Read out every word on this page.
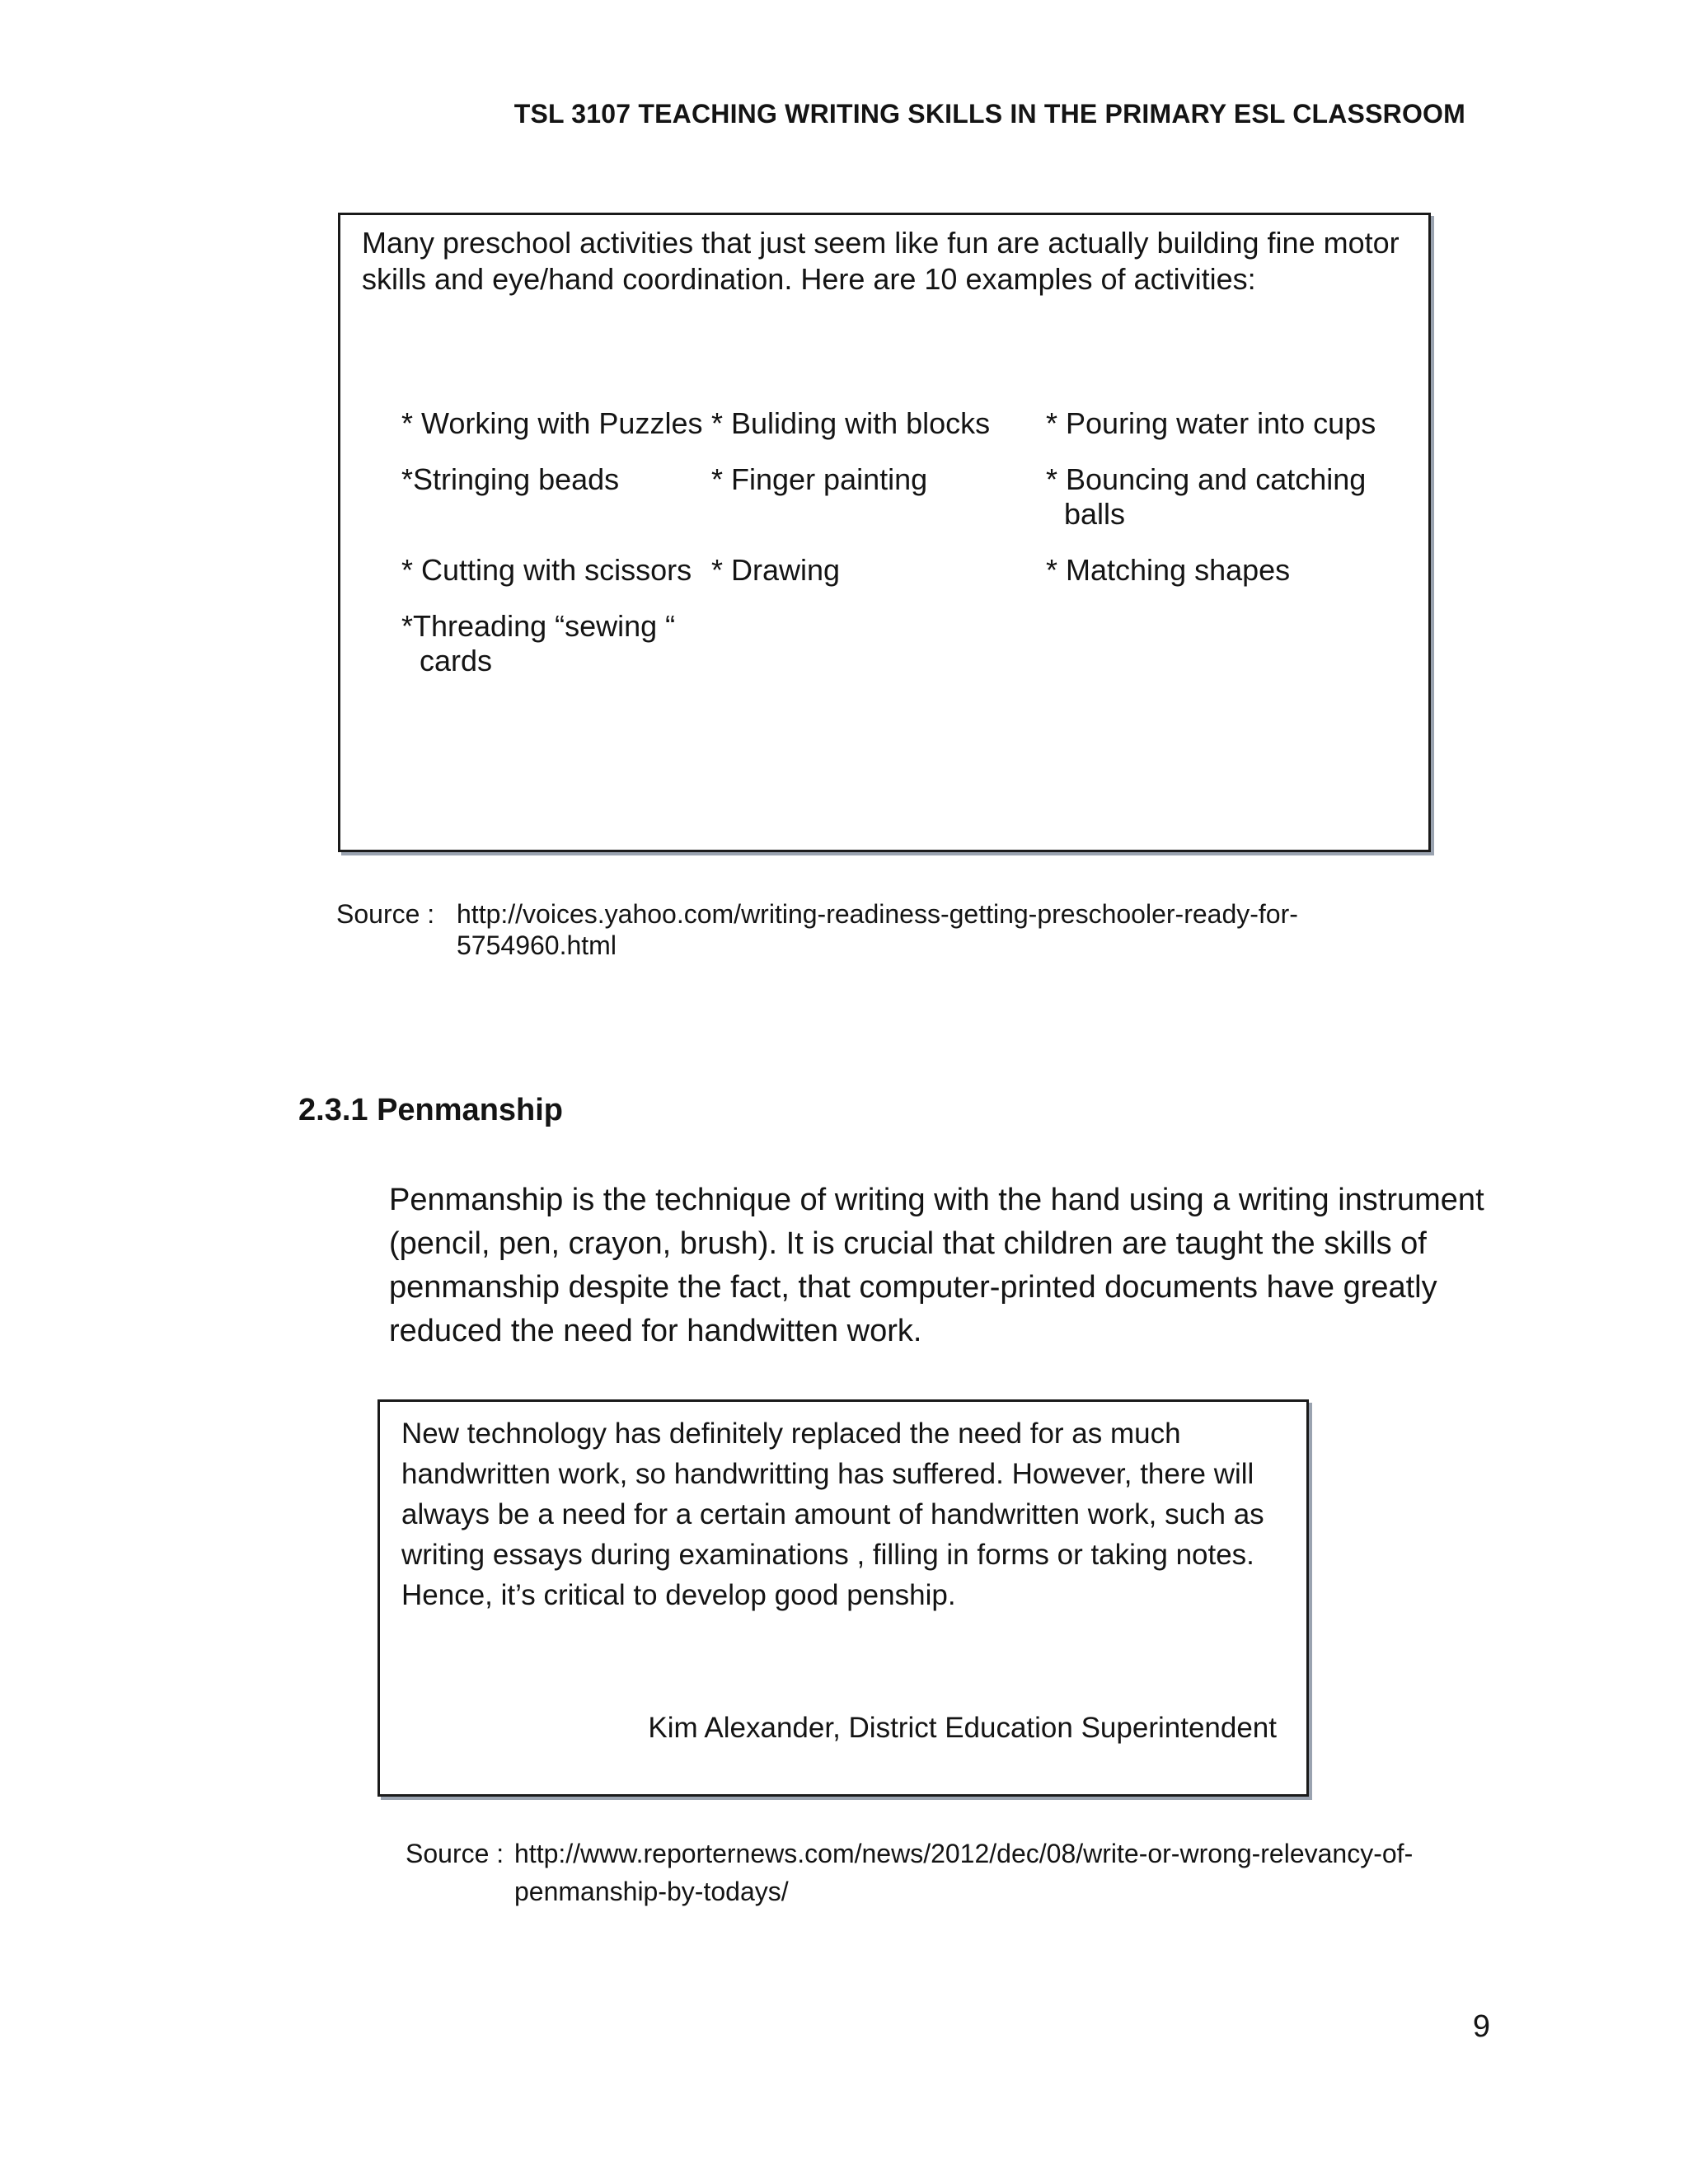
TSL 3107 TEACHING WRITING SKILLS IN THE PRIMARY ESL CLASSROOM
Many preschool activities that just seem like fun are actually building fine motor skills and eye/hand coordination. Here are 10 examples of activities:
* Working with Puzzles * Buliding with blocks	* Pouring water into cups
*Stringing beads	* Finger painting	* Bouncing and catching balls
* Cutting with scissors * Drawing	* Matching shapes
*Threading “sewing “ cards
Source : http://voices.yahoo.com/writing-readiness-getting-preschooler-ready-for-
5754960.html
2.3.1 Penmanship
Penmanship is the technique of writing with the hand using a writing instrument (pencil, pen, crayon, brush). It is crucial that children are taught the skills of penmanship despite the fact, that computer-printed documents have greatly reduced the need for handwitten work.
New technology has definitely replaced the need for as much handwritten work, so handwritting has suffered. However, there will always be a need for a certain amount of handwritten work, such as writing essays during examinations , filling in forms or taking notes. Hence, it’s critical to develop good penship.
Kim Alexander, District Education Superintendent
Source : http://www.reporternews.com/news/2012/dec/08/write-or-wrong-relevancy-of-
penmanship-by-todays/
9
